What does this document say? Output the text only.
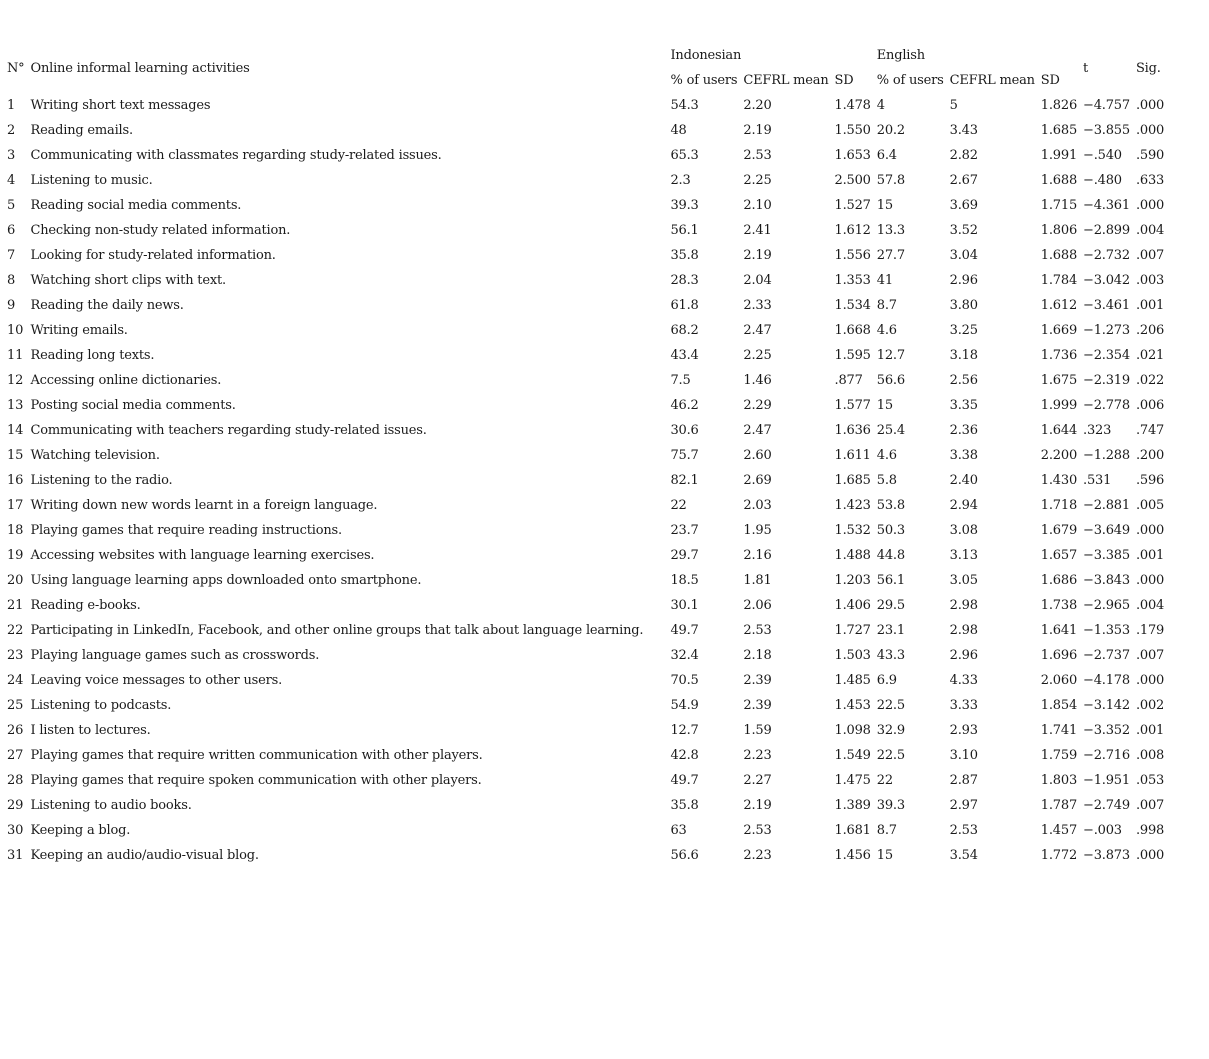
N°	Online informal learning activities	Indonesian			English			t	Sig.
		% of users	CEFRL mean	SD	% of users	CEFRL mean	SD		
1	Writing short text messages	54.3	2.20	1.478	4	5	1.826	−4.757	.000
2	Reading emails.	48	2.19	1.550	20.2	3.43	1.685	−3.855	.000
3	Communicating with classmates regarding study-related issues.	65.3	2.53	1.653	6.4	2.82	1.991	−.540	.590
4	Listening to music.	2.3	2.25	2.500	57.8	2.67	1.688	−.480	.633
5	Reading social media comments.	39.3	2.10	1.527	15	3.69	1.715	−4.361	.000
6	Checking non-study related information.	56.1	2.41	1.612	13.3	3.52	1.806	−2.899	.004
7	Looking for study-related information.	35.8	2.19	1.556	27.7	3.04	1.688	−2.732	.007
8	Watching short clips with text.	28.3	2.04	1.353	41	2.96	1.784	−3.042	.003
9	Reading the daily news.	61.8	2.33	1.534	8.7	3.80	1.612	−3.461	.001
10	Writing emails.	68.2	2.47	1.668	4.6	3.25	1.669	−1.273	.206
11	Reading long texts.	43.4	2.25	1.595	12.7	3.18	1.736	−2.354	.021
12	Accessing online dictionaries.	7.5	1.46	.877	56.6	2.56	1.675	−2.319	.022
13	Posting social media comments.	46.2	2.29	1.577	15	3.35	1.999	−2.778	.006
14	Communicating with teachers regarding study-related issues.	30.6	2.47	1.636	25.4	2.36	1.644	.323	.747
15	Watching television.	75.7	2.60	1.611	4.6	3.38	2.200	−1.288	.200
16	Listening to the radio.	82.1	2.69	1.685	5.8	2.40	1.430	.531	.596
17	Writing down new words learnt in a foreign language.	22	2.03	1.423	53.8	2.94	1.718	−2.881	.005
18	Playing games that require reading instructions.	23.7	1.95	1.532	50.3	3.08	1.679	−3.649	.000
19	Accessing websites with language learning exercises.	29.7	2.16	1.488	44.8	3.13	1.657	−3.385	.001
20	Using language learning apps downloaded onto smartphone.	18.5	1.81	1.203	56.1	3.05	1.686	−3.843	.000
21	Reading e-books.	30.1	2.06	1.406	29.5	2.98	1.738	−2.965	.004
22	Participating in LinkedIn, Facebook, and other online groups that talk about language learning.	49.7	2.53	1.727	23.1	2.98	1.641	−1.353	.179
23	Playing language games such as crosswords.	32.4	2.18	1.503	43.3	2.96	1.696	−2.737	.007
24	Leaving voice messages to other users.	70.5	2.39	1.485	6.9	4.33	2.060	−4.178	.000
25	Listening to podcasts.	54.9	2.39	1.453	22.5	3.33	1.854	−3.142	.002
26	I listen to lectures.	12.7	1.59	1.098	32.9	2.93	1.741	−3.352	.001
27	Playing games that require written communication with other players.	42.8	2.23	1.549	22.5	3.10	1.759	−2.716	.008
28	Playing games that require spoken communication with other players.	49.7	2.27	1.475	22	2.87	1.803	−1.951	.053
29	Listening to audio books.	35.8	2.19	1.389	39.3	2.97	1.787	−2.749	.007
30	Keeping a blog.	63	2.53	1.681	8.7	2.53	1.457	−.003	.998
31	Keeping an audio/audio-visual blog.	56.6	2.23	1.456	15	3.54	1.772	−3.873	.000
